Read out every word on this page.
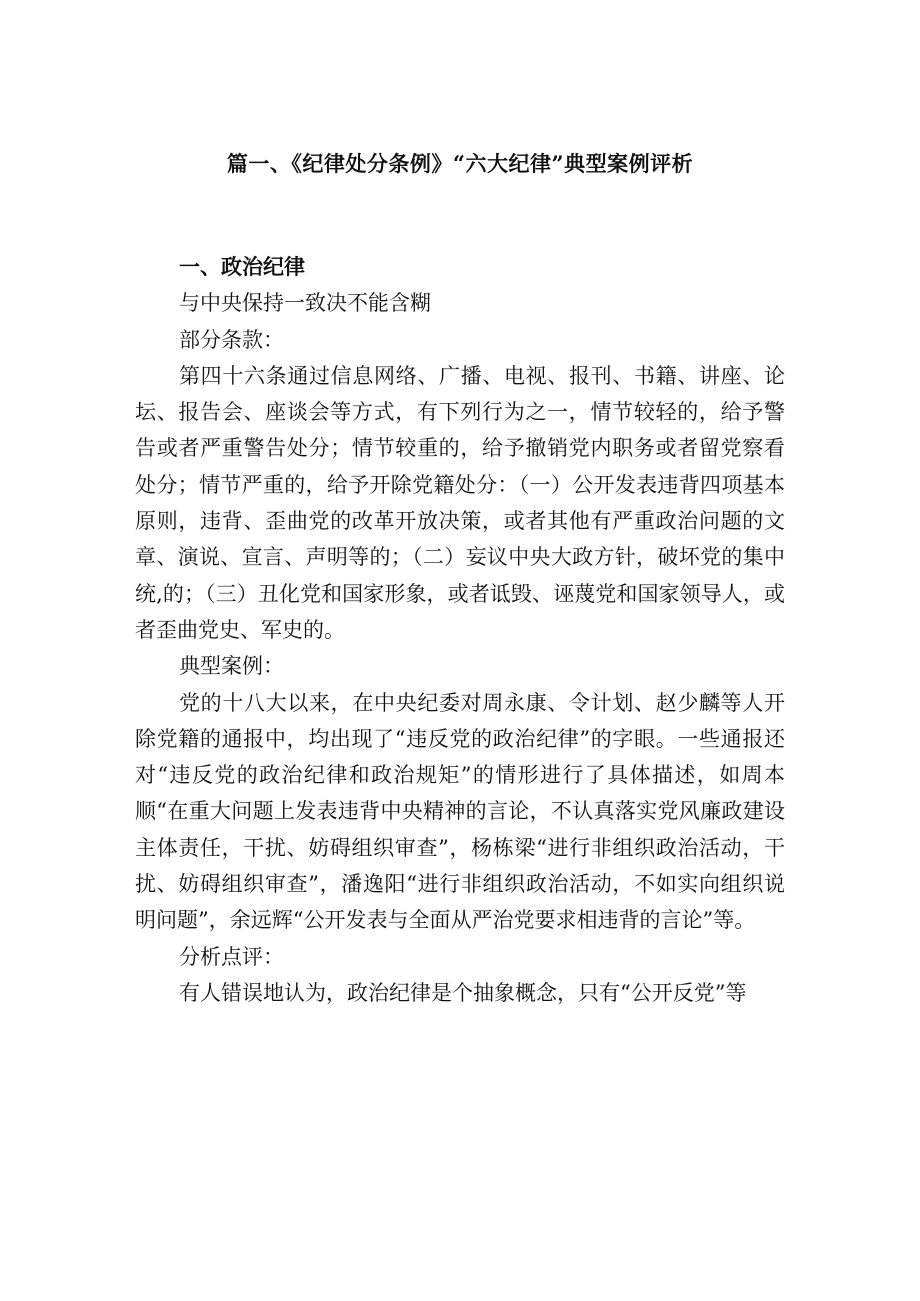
篇一、《纪律处分条例》“六大纪律”典型案例评析

一、政治纪律

与中央保持一致决不能含糊

部分条款：

第四十六条通过信息网络、广播、电视、报刊、书籍、讲座、论坛、报告会、座谈会等方式，有下列行为之一，情节较轻的，给予警告或者严重警告处分；情节较重的，给予撤销党内职务或者留党察看处分；情节严重的，给予开除党籍处分：（一）公开发表违背四项基本原则，违背、歪曲党的改革开放决策，或者其他有严重政治问题的文章、演说、宣言、声明等的；（二）妄议中央大政方针，破坏党的集中统,的；（三）丑化党和国家形象，或者诋毁、诬蔑党和国家领导人，或者歪曲党史、军史的。

典型案例：

党的十八大以来，在中央纪委对周永康、令计划、赵少麟等人开除党籍的通报中，均出现了“违反党的政治纪律”的字眼。一些通报还对“违反党的政治纪律和政治规矩”的情形进行了具体描述，如周本顺“在重大问题上发表违背中央精神的言论，不认真落实党风廉政建设主体责任，干扰、妨碍组织审查”，杨栋梁“进行非组织政治活动，干扰、妨碍组织审查”，潘逸阳“进行非组织政治活动，不如实向组织说明问题”，余远辉“公开发表与全面从严治党要求相违背的言论”等。

分析点评：

有人错误地认为，政治纪律是个抽象概念，只有“公开反党”等
